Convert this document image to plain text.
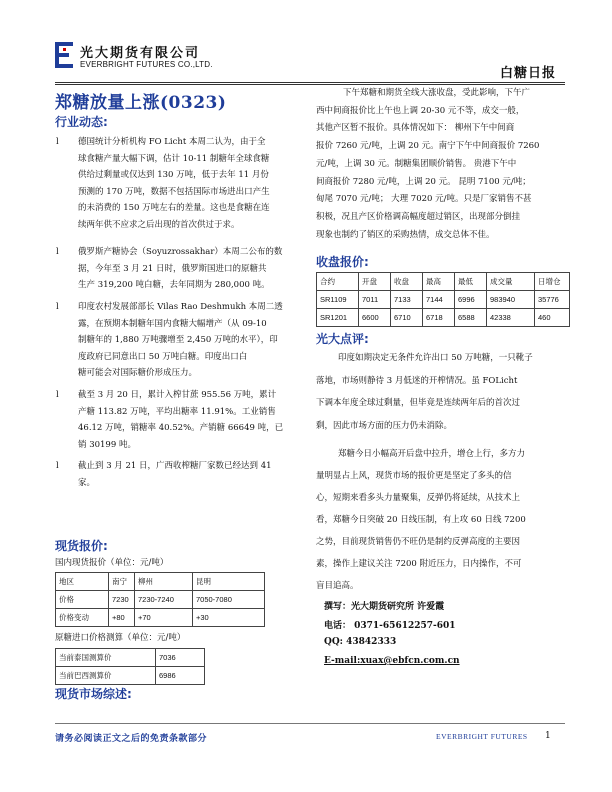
光大期货有限公司
EVERBRIGHT FUTURES CO.,LTD.
白糖日报
郑糖放量上涨(0323)
行业动态:
l 德国统计分析机构 FO Licht 本周二认为，由于全
球食糖产量大幅下调，估计 10-11 制糖年全球食糖
供给过剩量或仅达到 130 万吨，低于去年 11 月份
预测的 170 万吨，数据不包括国际市场进出口产生
的未消费的 150 万吨左右的差量。这也是食糖在连
续两年供不应求之后出现的首次供过于求。
l 俄罗斯产糖协会（Soyuzrossakhar）本周二公布的数
据，今年至 3 月 21 日时，俄罗斯国进口的原糖共
生产 319,200 吨白糖，去年同期为 280,000 吨。
l 印度农村发展部部长 Vilas Rao Deshmukh 本周二透
露，在预期本制糖年国内食糖大幅增产（从 09-10
制糖年的 1,880 万吨骤增至 2,450 万吨的水平），印
度政府已同意出口 50 万吨白糖。印度出口白
糖可能会对国际糖价形成压力。
l 截至 3 月 20 日，累计入榨甘蔗 955.56 万吨，累计
产糖 113.82 万吨，平均出糖率 11.91%。工业销售
46.12 万吨，销糖率 40.52%。产销糖 66649 吨，已
销 30199 吨。
l 截止到 3 月 21 日，广西收榨糖厂家数已经达到 41
家。
现货报价:
国内现货报价（单位：元/吨）
地区	南宁	柳州	昆明
价格	7230	7230-7240	7050-7080
价格变动	+80	+70	+30
原糖进口价格测算（单位：元/吨）
当前泰国测算价	7036
当前巴西测算价	6986
现货市场综述:
下午郑糖和期货全线大涨收盘，受此影响，下午广
西中间商报价比上午也上调 20-30 元不等，成交一般，
其他产区暂不报价。具体情况如下： 柳州下午中间商
报价 7260 元/吨，上调 20 元。南宁下午中间商报价 7260
元/吨，上调 30 元。制糖集团顺价销售。 贵港下午中
间商报价 7280 元/吨，上调 20 元。 昆明 7100 元/吨；
甸尾 7070 元/吨； 大理 7020 元/吨。只是厂家销售不甚
积极，况且产区价格调高幅度超过销区，出现部分倒挂
现象也制约了销区的采购热情，成交总体不佳。
收盘报价:
合约	开盘	收盘	最高	最低	成交量	日增仓
SR1109	7011	7133	7144	6996	983940	35776
SR1201	6600	6710	6718	6588	42338	460
光大点评:
印度如期决定无条件允许出口 50 万吨糖，一只靴子
落地，市场则静待 3 月低迷的开榨情况。虽 FOLicht
下调本年度全球过剩量，但毕竟是连续两年后的首次过
剩，因此市场方面的压力仍未消除。
郑糖今日小幅高开后盘中拉升，增仓上行，多方力
量明显占上风，现货市场的报价更是坚定了多头的信
心，短期来看多头力量聚集，反弹仍将延续，从技术上
看，郑糖今日突破 20 日线压制，有上攻 60 日线 7200
之势，目前现货销售仍不旺仍是制约反弹高度的主要因
素，操作上建议关注 7200 附近压力，日内操作，不可
盲目追高。
撰写：光大期货研究所 许爱霞
电话： 0371-65612257-601
QQ: 43842333
E-mail:xuax@ebfcn.com.cn
请务必阅读正文之后的免责条款部分	EVERBRIGHT FUTURES 1
